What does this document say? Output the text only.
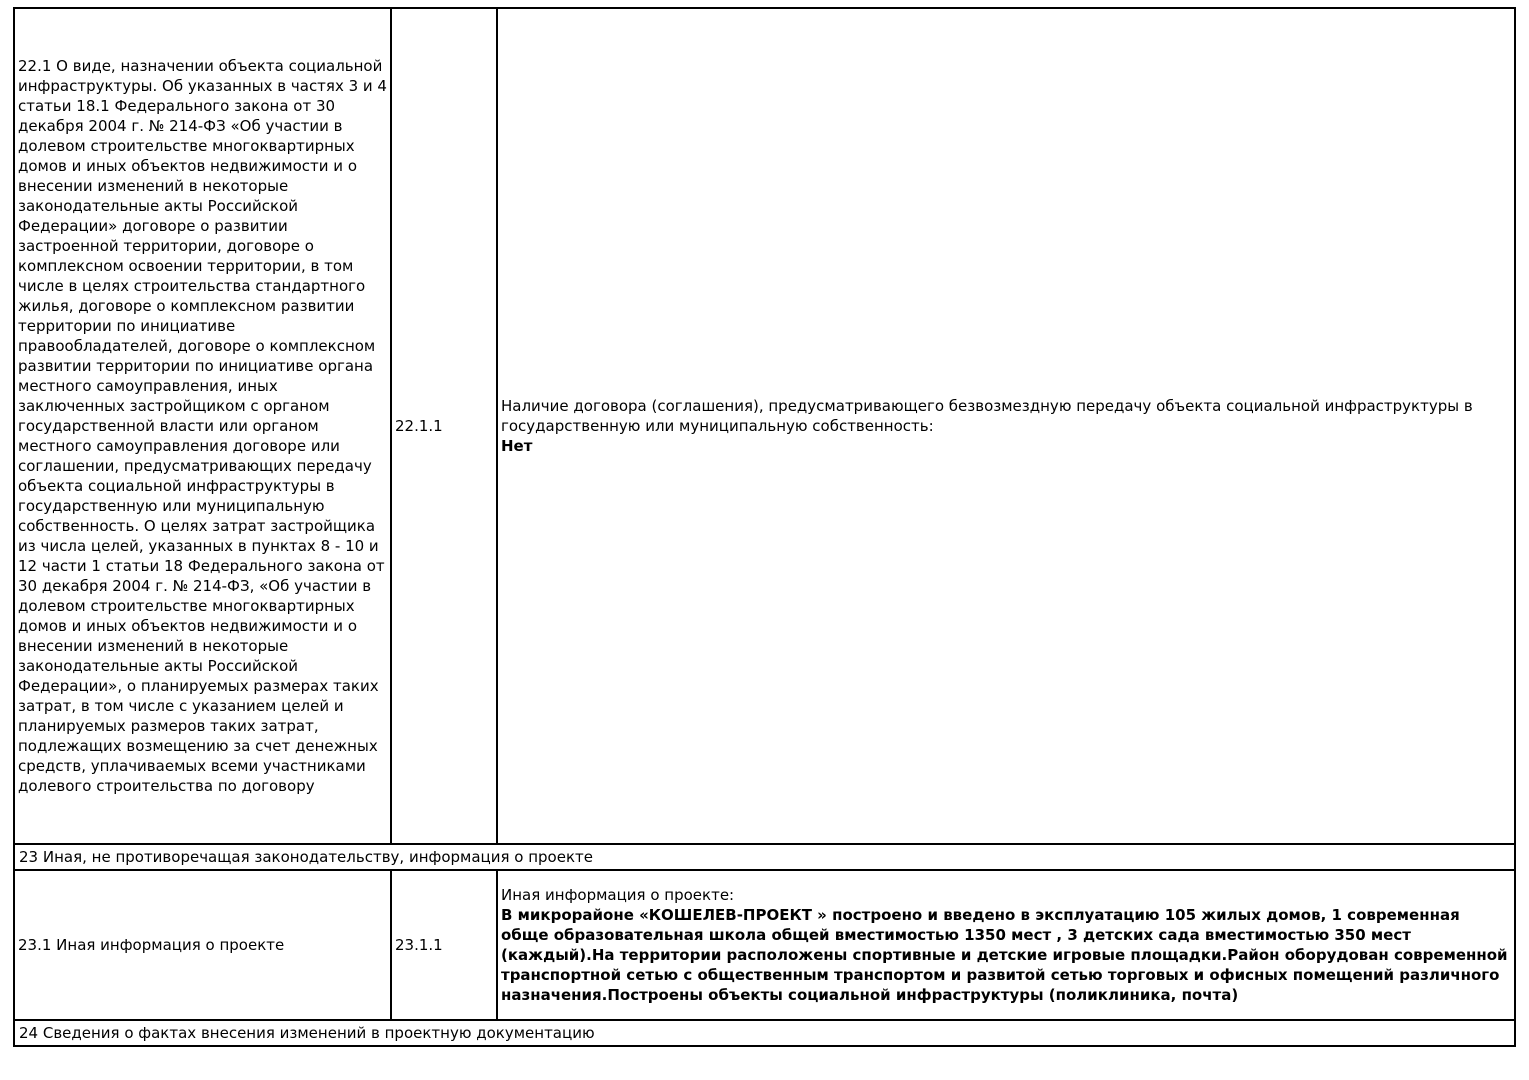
22.1 О виде, назначении объекта социальной инфраструктуры. Об указанных в частях 3 и 4 статьи 18.1 Федерального закона от 30 декабря 2004 г. № 214-ФЗ «Об участии в долевом строительстве многоквартирных домов и иных объектов недвижимости и о внесении изменений в некоторые законодательные акты Российской Федерации» договоре о развитии застроенной территории, договоре о комплексном освоении территории, в том числе в целях строительства стандартного жилья, договоре о комплексном развитии территории по инициативе правообладателей, договоре о комплексном развитии территории по инициативе органа местного самоуправления, иных заключенных застройщиком с органом государственной власти или органом местного самоуправления договоре или соглашении, предусматривающих передачу объекта социальной инфраструктуры в государственную или муниципальную собственность. О целях затрат застройщика из числа целей, указанных в пунктах 8 - 10 и 12 части 1 статьи 18 Федерального закона от 30 декабря 2004 г. № 214-ФЗ, «Об участии в долевом строительстве многоквартирных домов и иных объектов недвижимости и о внесении изменений в некоторые законодательные акты Российской Федерации», о планируемых размерах таких затрат, в том числе с указанием целей и планируемых размеров таких затрат, подлежащих возмещению за счет денежных средств, уплачиваемых всеми участниками долевого строительства по договору	22.1.1	Наличие договора (соглашения), предусматривающего безвозмездную передачу объекта социальной инфраструктуры в государственную или муниципальную собственность:
Нет

23 Иная, не противоречащая законодательству, информация о проекте		
23.1 Иная информация о проекте	23.1.1	Иная информация о проекте:
В микрорайоне «КОШЕЛЕВ-ПРОЕКТ » построено и введено в эксплуатацию 105 жилых домов, 1 современная обще образовательная школа общей вместимостью 1350 мест , 3 детских сада вместимостью 350 мест (каждый).На территории расположены спортивные и детские игровые площадки.Район оборудован современной транспортной сетью с общественным транспортом и развитой сетью торговых и офисных помещений различного назначения.Построены объекты социальной инфраструктуры (поликлиника, почта)

24 Сведения о фактах внесения изменений в проектную документацию		
